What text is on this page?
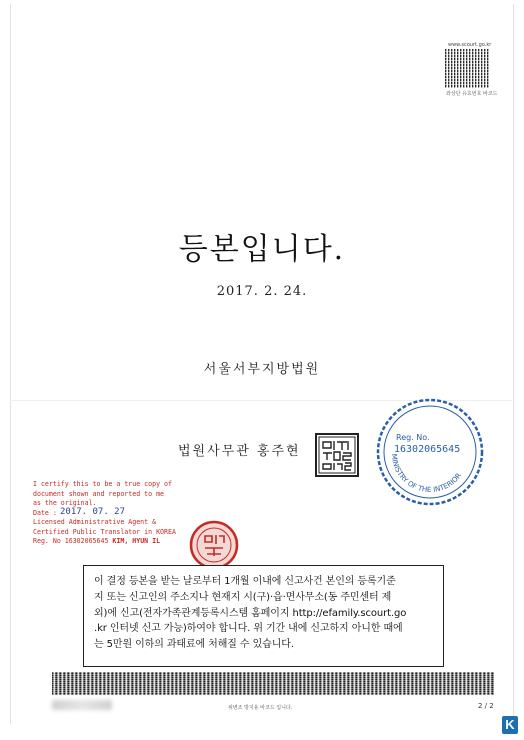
www.scourt.go.kr
좌상단 유효번호 바코드
등본입니다.
2017. 2. 24.
서울서부지방법원
법원사무관 홍주현
Reg. No.
16302065645
MINISTRY OF THE INTERIOR
I certify this to be a true copy of
document shown and reported to me
as the original.
Date :
Licensed Administrative Agent &
Certified Public Translator in KOREA
Reg. No 16302065645 KIM, HYUN IL
2017. 07. 27
이 결정 등본을 받는 날로부터 1개월 이내에 신고사건 본인의 등록기준
지 또는 신고인의 주소지나 현재지 시(구)·읍·면사무소(동 주민센터 제
외)에 신고(전자가족관계등록시스템 홈페이지 http://efamily.scourt.go
.kr 인터넷 신고 가능)하여야 합니다. 위 기간 내에 신고하지 아니한 때에
는 5만원 이하의 과태료에 처해질 수 있습니다.
위변조 방지용 바코드 입니다.	2 / 2
K
